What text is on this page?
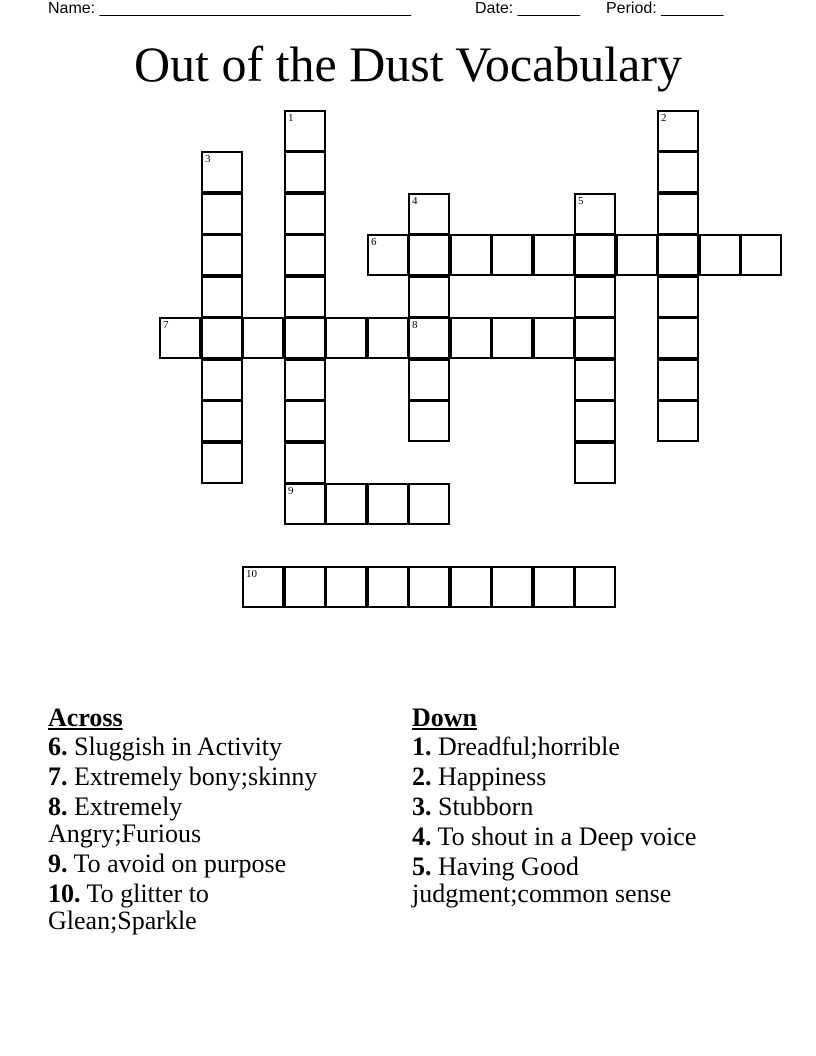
Name: ___________________________________	Date: _______ Period: _______
Out of the Dust Vocabulary
3
1
9
7
6
4
8
5
2
10
Across
6. Sluggish in Activity
7. Extremely bony;skinny
8. Extremely Angry;Furious
9. To avoid on purpose
10. To glitter to Glean;Sparkle
Down
1. Dreadful;horrible
2. Happiness
3. Stubborn
4. To shout in a Deep voice
5. Having Good judgment;common sense
